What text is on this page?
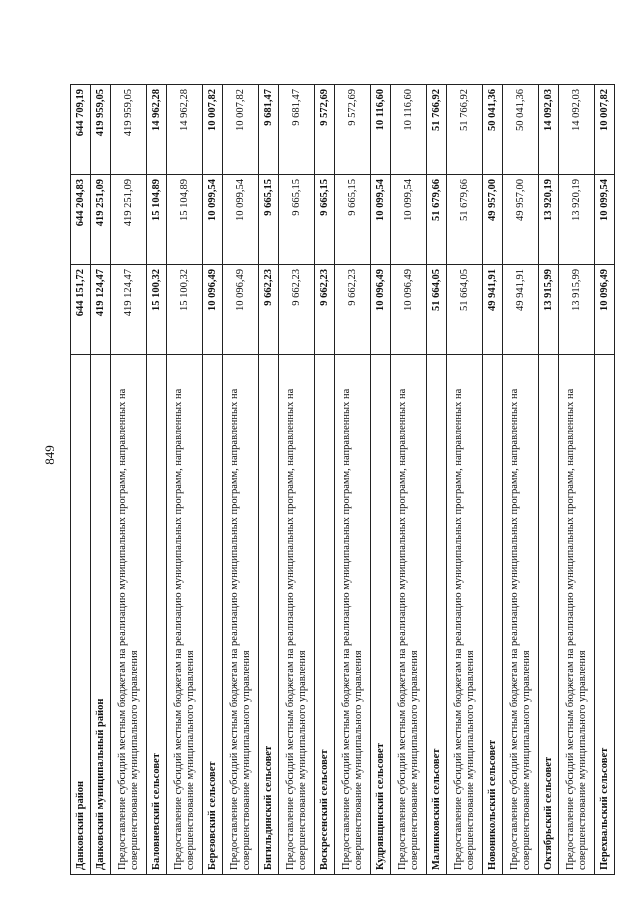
849
Данковский район	644 151,72	644 204,83	644 709,19
Данковский муниципальный район	419 124,47	419 251,09	419 959,05
Предоставление субсидий местным бюджетам на реализацию муниципальных программ, направленных на совершенствование муниципального управления	419 124,47	419 251,09	419 959,05
Баловневский сельсовет	15 100,32	15 104,89	14 962,28
Предоставление субсидий местным бюджетам на реализацию муниципальных программ, направленных на совершенствование муниципального управления	15 100,32	15 104,89	14 962,28
Березовский сельсовет	10 096,49	10 099,54	10 007,82
Предоставление субсидий местным бюджетам на реализацию муниципальных программ, направленных на совершенствование муниципального управления	10 096,49	10 099,54	10 007,82
Бигильдинский сельсовет	9 662,23	9 665,15	9 681,47
Предоставление субсидий местным бюджетам на реализацию муниципальных программ, направленных на совершенствование муниципального управления	9 662,23	9 665,15	9 681,47
Воскресенский сельсовет	9 662,23	9 665,15	9 572,69
Предоставление субсидий местным бюджетам на реализацию муниципальных программ, направленных на совершенствование муниципального управления	9 662,23	9 665,15	9 572,69
Кудрявщинский сельсовет	10 096,49	10 099,54	10 116,60
Предоставление субсидий местным бюджетам на реализацию муниципальных программ, направленных на совершенствование муниципального управления	10 096,49	10 099,54	10 116,60
Малинковский сельсовет	51 664,05	51 679,66	51 766,92
Предоставление субсидий местным бюджетам на реализацию муниципальных программ, направленных на совершенствование муниципального управления	51 664,05	51 679,66	51 766,92
Новоникольский сельсовет	49 941,91	49 957,00	50 041,36
Предоставление субсидий местным бюджетам на реализацию муниципальных программ, направленных на совершенствование муниципального управления	49 941,91	49 957,00	50 041,36
Октябрьский сельсовет	13 915,99	13 920,19	14 092,03
Предоставление субсидий местным бюджетам на реализацию муниципальных программ, направленных на совершенствование муниципального управления	13 915,99	13 920,19	14 092,03
Перехвальский сельсовет	10 096,49	10 099,54	10 007,82
